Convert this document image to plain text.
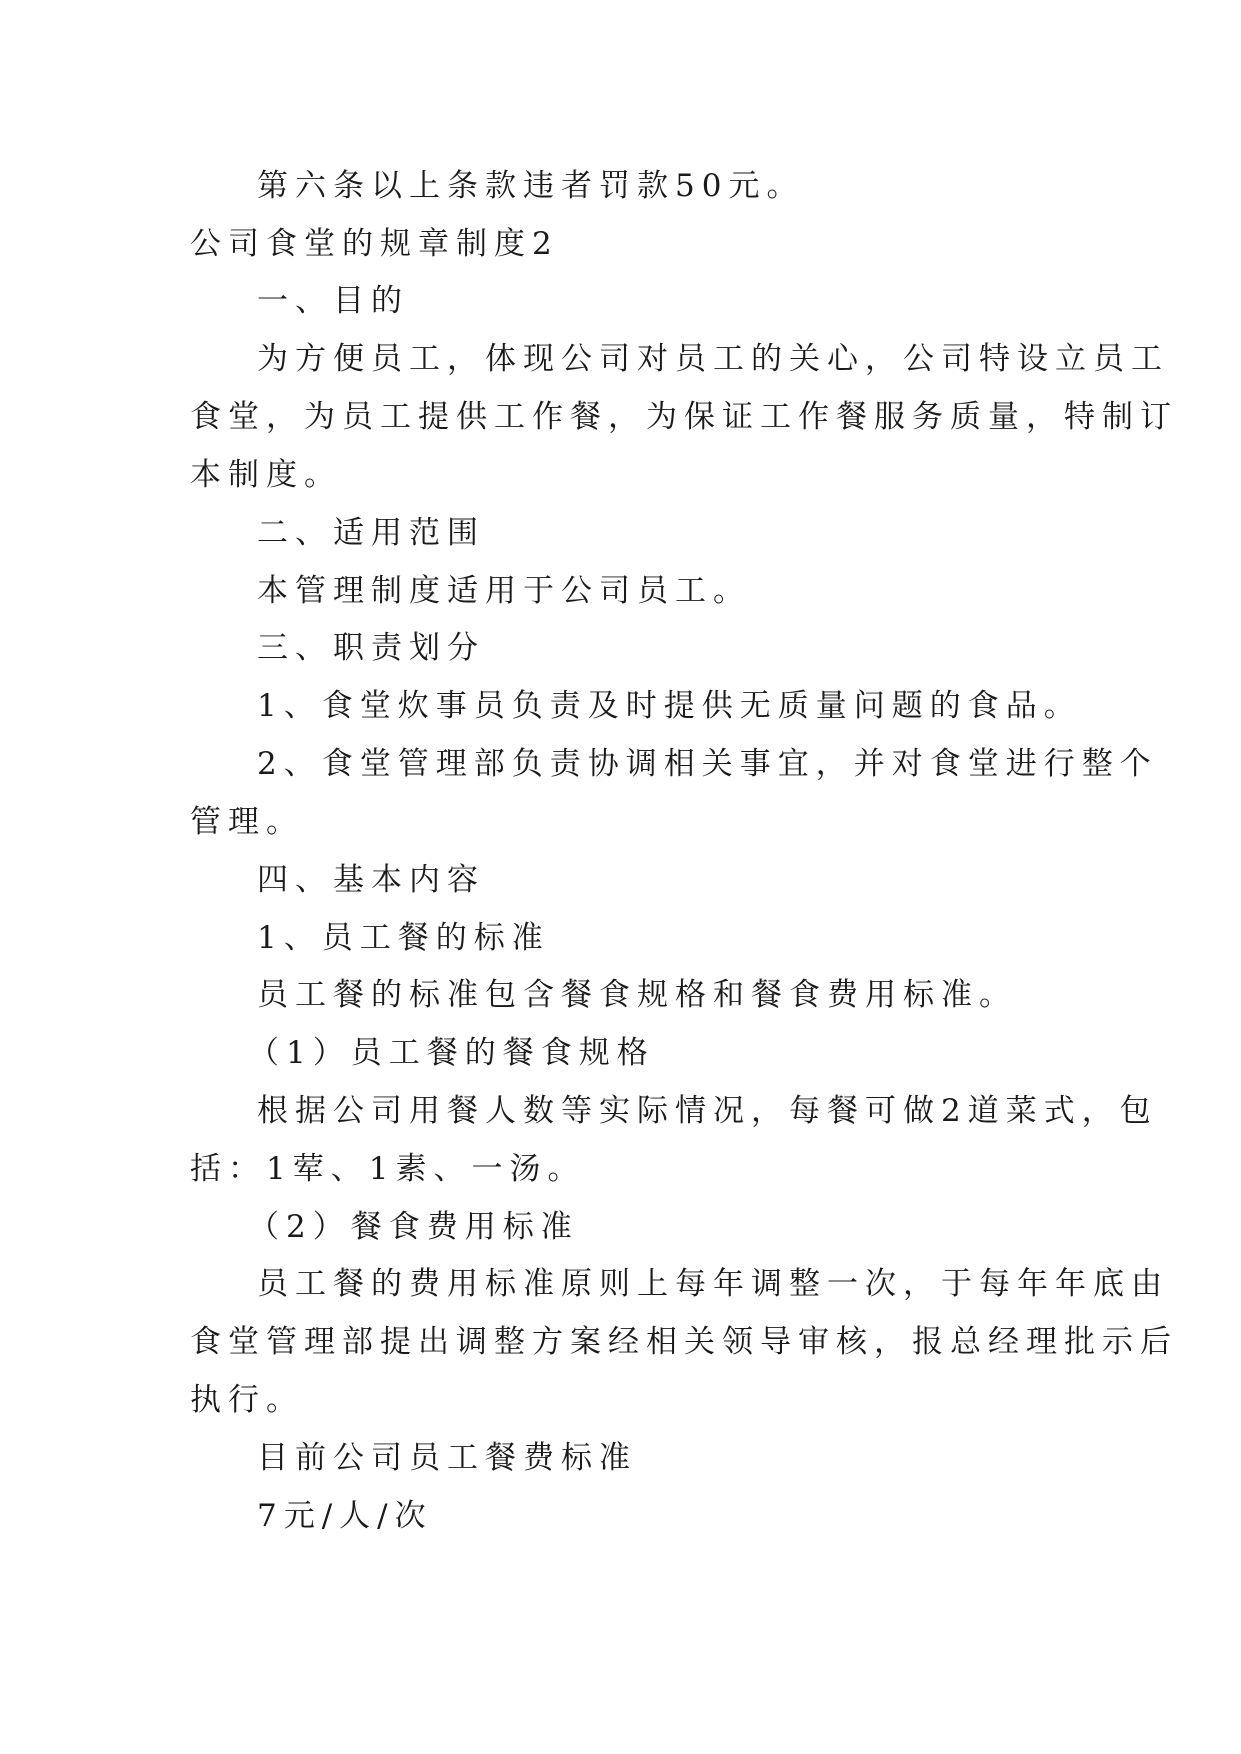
第六条以上条款违者罚款50元。
公司食堂的规章制度2
一、目的
为方便员工，体现公司对员工的关心，公司特设立员工
食堂，为员工提供工作餐，为保证工作餐服务质量，特制订
本制度。
二、适用范围
本管理制度适用于公司员工。
三、职责划分
1、食堂炊事员负责及时提供无质量问题的食品。
2、食堂管理部负责协调相关事宜，并对食堂进行整个
管理。
四、基本内容
1、员工餐的标准
员工餐的标准包含餐食规格和餐食费用标准。
（1）员工餐的餐食规格
根据公司用餐人数等实际情况，每餐可做2道菜式，包
括：1荤、1素、一汤。
（2）餐食费用标准
员工餐的费用标准原则上每年调整一次，于每年年底由
食堂管理部提出调整方案经相关领导审核，报总经理批示后
执行。
目前公司员工餐费标准
7元/人/次
